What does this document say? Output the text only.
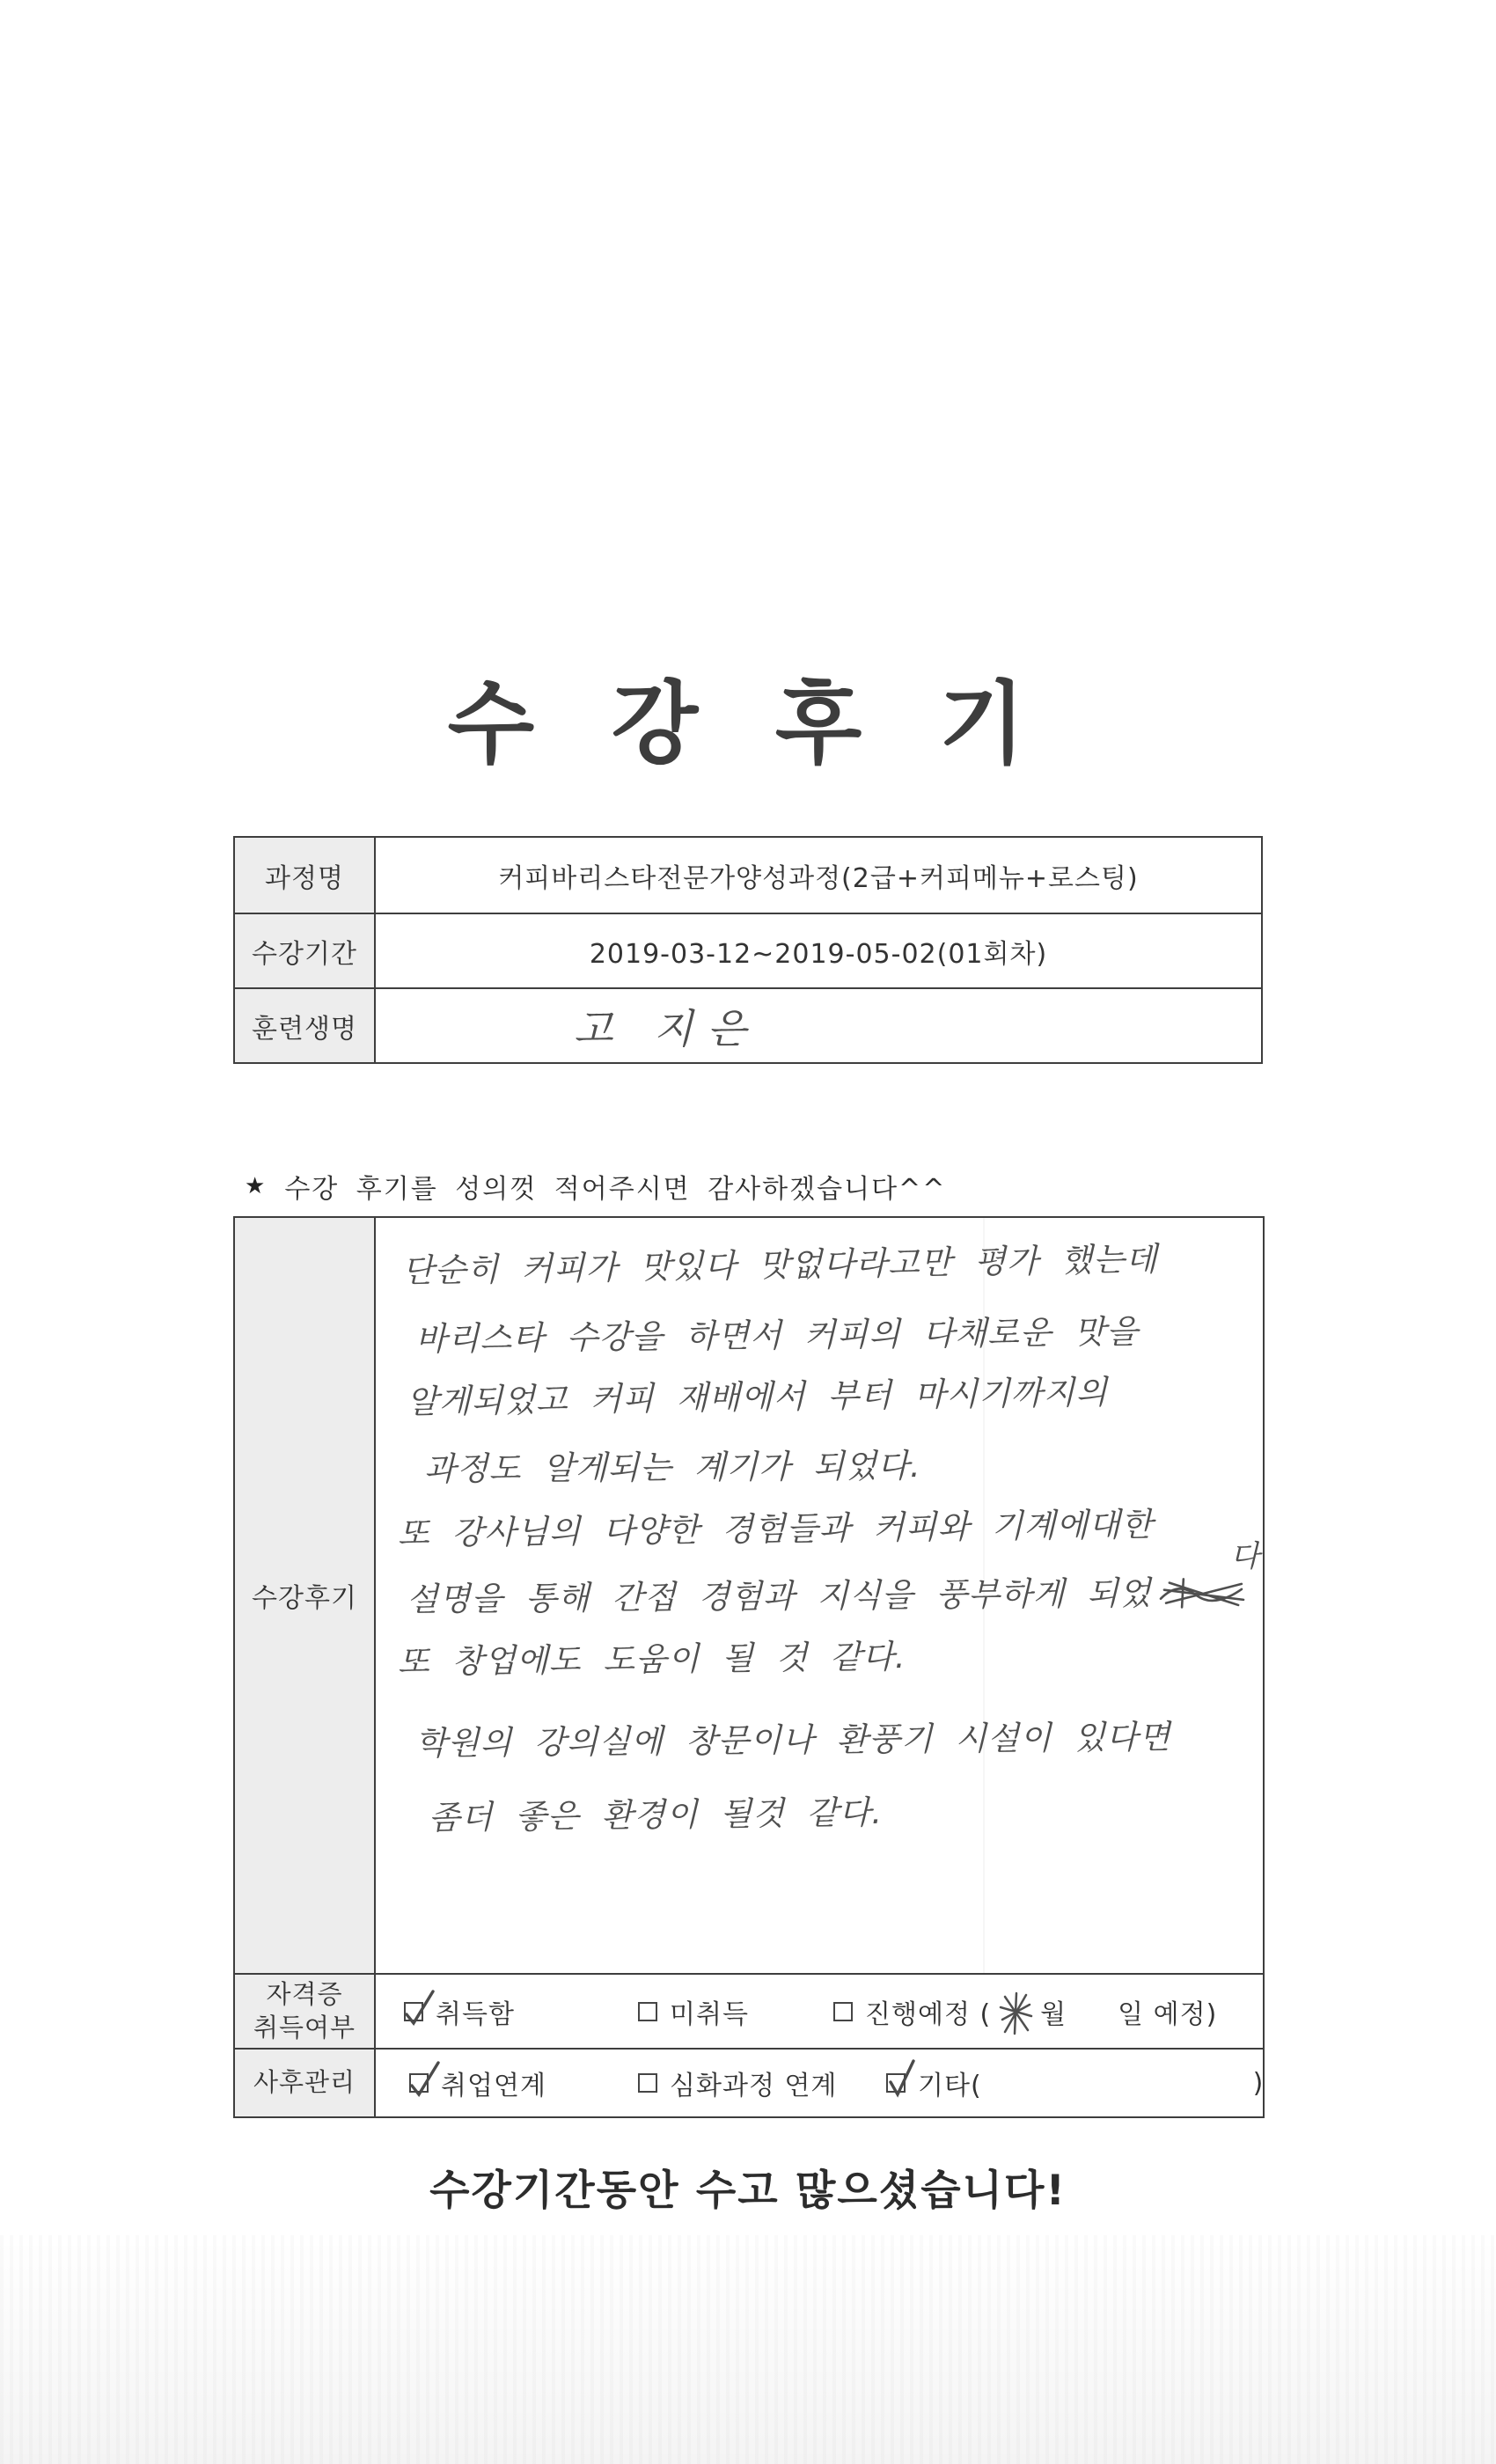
수 강 후 기
과정명	커피바리스타전문가양성과정(2급+커피메뉴+로스팅)
수강기간	2019-03-12~2019-05-02(01회차)
훈련생명	고 지은
★ 수강 후기를 성의껏 적어주시면 감사하겠습니다^^
수강후기
단순히 커피가 맛있다 맛없다라고만 평가 했는데
바리스타 수강을 하면서 커피의 다채로운 맛을
알게되었고 커피 재배에서 부터 마시기까지의
과정도 알게되는 계기가 되었다.
또 강사님의 다양한 경험들과 커피와 기계에대한
설명을 통해 간접 경험과 지식을 풍부하게 되었
다
또 창업에도 도움이 될 것 같다.
학원의 강의실에 창문이나 환풍기 시설이 있다면
좀더 좋은 환경이 될것 같다.
자격증
취득여부	취득함	미취득	진행예정 ( 월 일 예정)
사후관리	취업연계	심화과정 연계	기타(	)
수강기간동안 수고 많으셨습니다!
